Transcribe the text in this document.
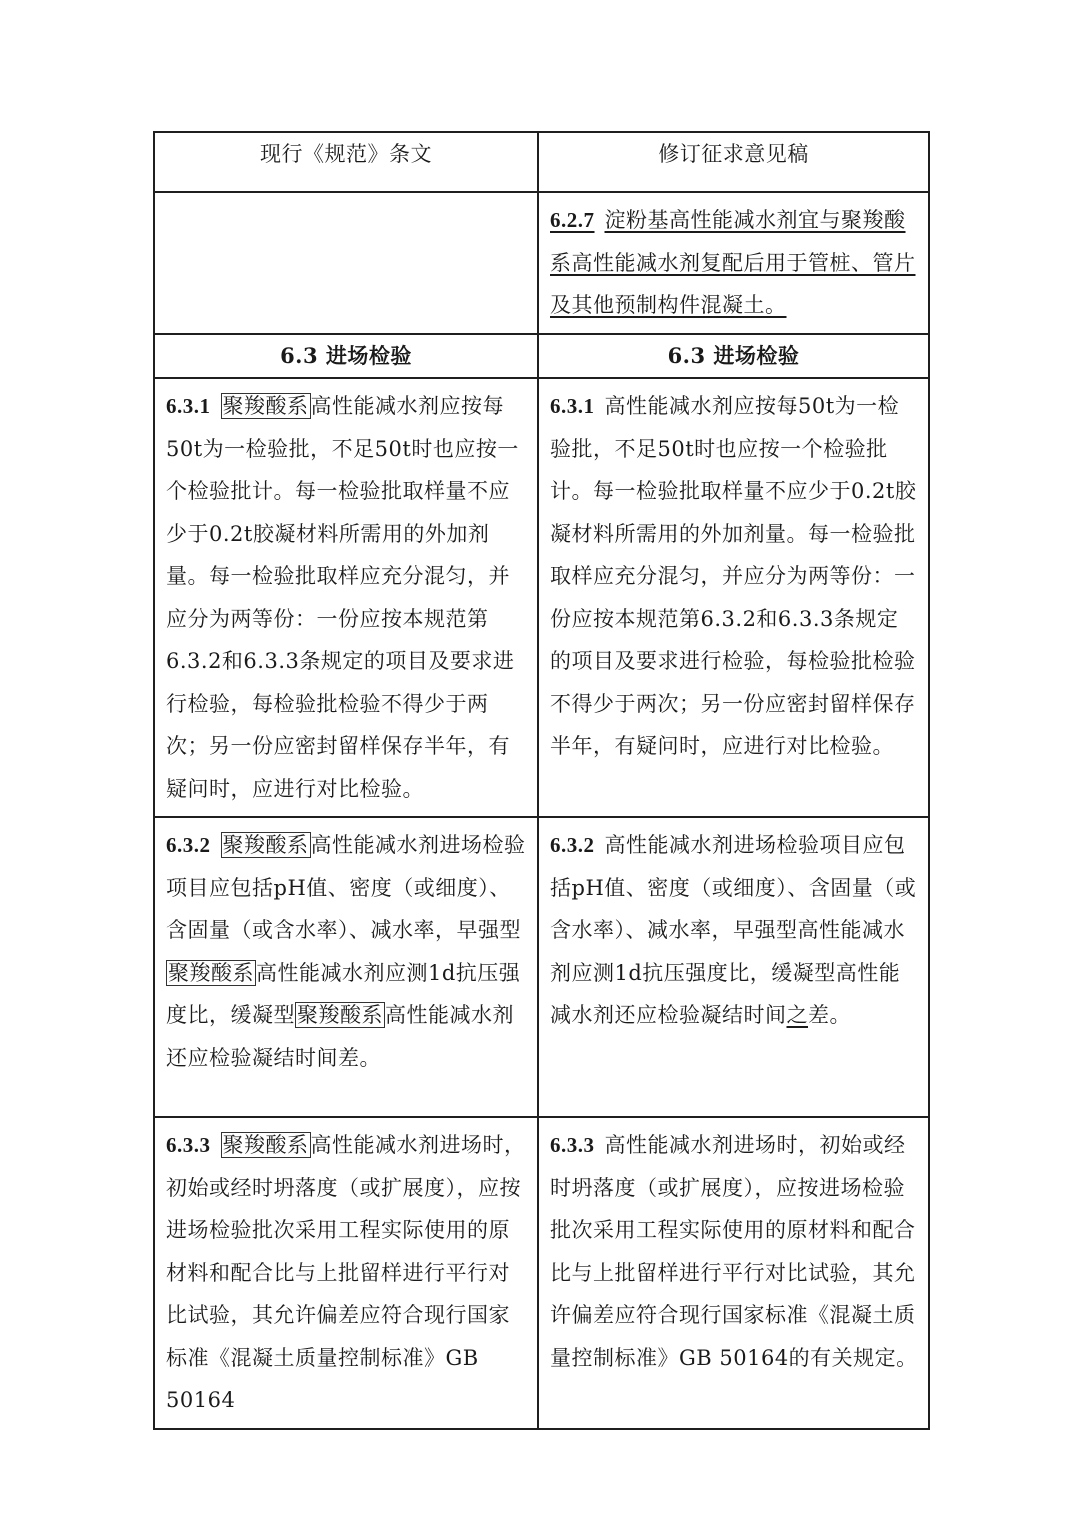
现行《规范》条文	修订征求意见稿

	6.2.7 淀粉基高性能减水剂宜与聚羧酸系高性能减水剂复配后用于管桩、管片及其他预制构件混凝土。

6.3 进场检验	6.3 进场检验

6.3.1 聚羧酸系高性能减水剂应按每50t为一检验批，不足50t时也应按一个检验批计。每一检验批取样量不应少于0.2t胶凝材料所需用的外加剂量。每一检验批取样应充分混匀，并应分为两等份：一份应按本规范第6.3.2和6.3.3条规定的项目及要求进行检验，每检验批检验不得少于两次；另一份应密封留样保存半年，有疑问时，应进行对比检验。	6.3.1 高性能减水剂应按每50t为一检验批，不足50t时也应按一个检验批计。每一检验批取样量不应少于0.2t胶凝材料所需用的外加剂量。每一检验批取样应充分混匀，并应分为两等份：一份应按本规范第6.3.2和6.3.3条规定的项目及要求进行检验，每检验批检验不得少于两次；另一份应密封留样保存半年，有疑问时，应进行对比检验。

6.3.2 聚羧酸系高性能减水剂进场检验项目应包括pH值、密度（或细度）、含固量（或含水率）、减水率，早强型聚羧酸系高性能减水剂应测1d抗压强度比，缓凝型聚羧酸系高性能减水剂还应检验凝结时间差。	6.3.2 高性能减水剂进场检验项目应包括pH值、密度（或细度）、含固量（或含水率）、减水率，早强型高性能减水剂应测1d抗压强度比，缓凝型高性能减水剂还应检验凝结时间之差。

6.3.3 聚羧酸系高性能减水剂进场时，初始或经时坍落度（或扩展度），应按进场检验批次采用工程实际使用的原材料和配合比与上批留样进行平行对比试验，其允许偏差应符合现行国家标准《混凝土质量控制标准》GB 50164	6.3.3 高性能减水剂进场时，初始或经时坍落度（或扩展度），应按进场检验批次采用工程实际使用的原材料和配合比与上批留样进行平行对比试验，其允许偏差应符合现行国家标准《混凝土质量控制标准》GB 50164的有关规定。
